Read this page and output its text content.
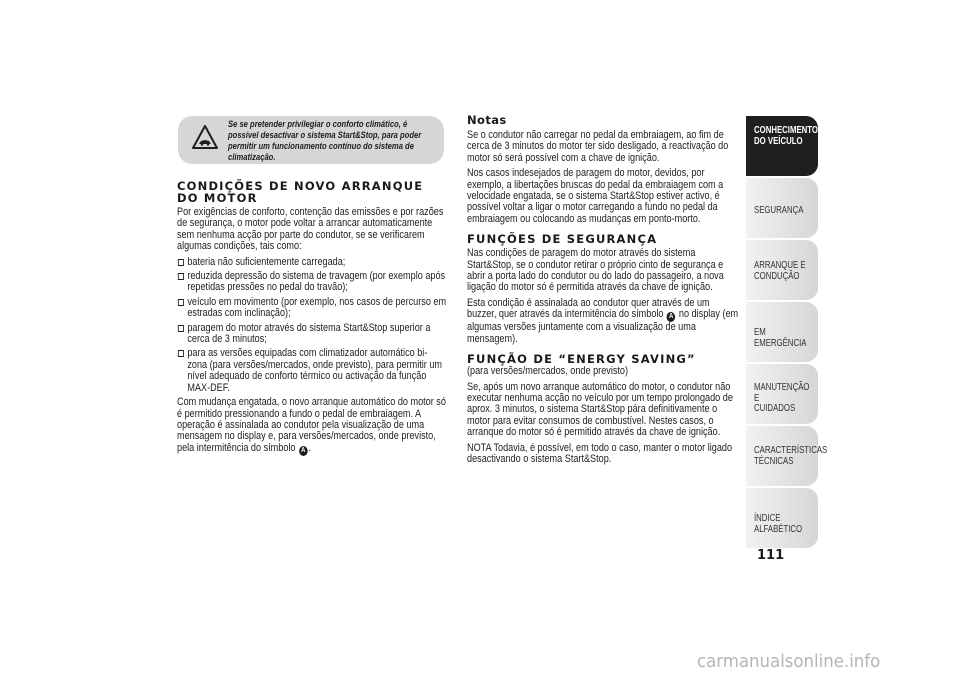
Se se pretender privilegiar o conforto climático, é possível desactivar o sistema Start&Stop, para poder permitir um funcionamento contínuo do sistema de climatização.
CONDIÇÕES DE NOVO ARRANQUE
DO MOTOR

Por exigências de conforto, contenção das emissões e por razões de segurança, o motor pode voltar a arrancar automaticamente sem nenhuma acção por parte do condutor, se se verificarem algumas condições, tais como:

bateria não suficientemente carregada;
reduzida depressão do sistema de travagem (por exemplo após repetidas pressões no pedal do travão);
veículo em movimento (por exemplo, nos casos de percurso em estradas com inclinação);
paragem do motor através do sistema Start&Stop superior a cerca de 3 minutos;
para as versões equipadas com climatizador automático bi-zona (para versões/mercados, onde previsto), para permitir um nível adequado de conforto térmico ou activação da função MAX-DEF.

Com mudança engatada, o novo arranque automático do motor só é permitido pressionando a fundo o pedal de embraiagem. A operação é assinalada ao condutor pela visualização de uma mensagem no display e, para versões/mercados, onde previsto, pela intermitência do símbolo A .

Notas

Se o condutor não carregar no pedal da embraiagem, ao fim de cerca de 3 minutos do motor ter sido desligado, a reactivação do motor só será possível com a chave de ignição.

Nos casos indesejados de paragem do motor, devidos, por exemplo, a libertações bruscas do pedal da embraiagem com a velocidade engatada, se o sistema Start&Stop estiver activo, é possível voltar a ligar o motor carregando a fundo no pedal da embraiagem ou colocando as mudanças em ponto-morto.

FUNÇÕES DE SEGURANÇA

Nas condições de paragem do motor através do sistema Start&Stop, se o condutor retirar o próprio cinto de segurança e abrir a porta lado do condutor ou do lado do passageiro, a nova ligação do motor só é permitida através da chave de ignição.

Esta condição é assinalada ao condutor quer através de um buzzer, quer através da intermitência do símbolo A no display (em algumas versões juntamente com a visualização de uma mensagem).

FUNÇÃO DE “ENERGY SAVING”
(para versões/mercados, onde previsto)

Se, após um novo arranque automático do motor, o condutor não executar nenhuma acção no veículo por um tempo prolongado de aprox. 3 minutos, o sistema Start&Stop pára definitivamente o motor para evitar consumos de combustível. Nestes casos, o arranque do motor só é permitido através da chave de ignição.

NOTA Todavia, é possível, em todo o caso, manter o motor ligado desactivando o sistema Start&Stop.

CONHECIMENTO
DO VEÍCULO
SEGURANÇA
ARRANQUE E
CONDUÇÃO
EM EMERGÊNCIA
MANUTENÇÃO E
CUIDADOS
CARACTERÍSTICAS
TÉCNICAS
ÍNDICE ALFABÉTICO
111
carmanualsonline.info
